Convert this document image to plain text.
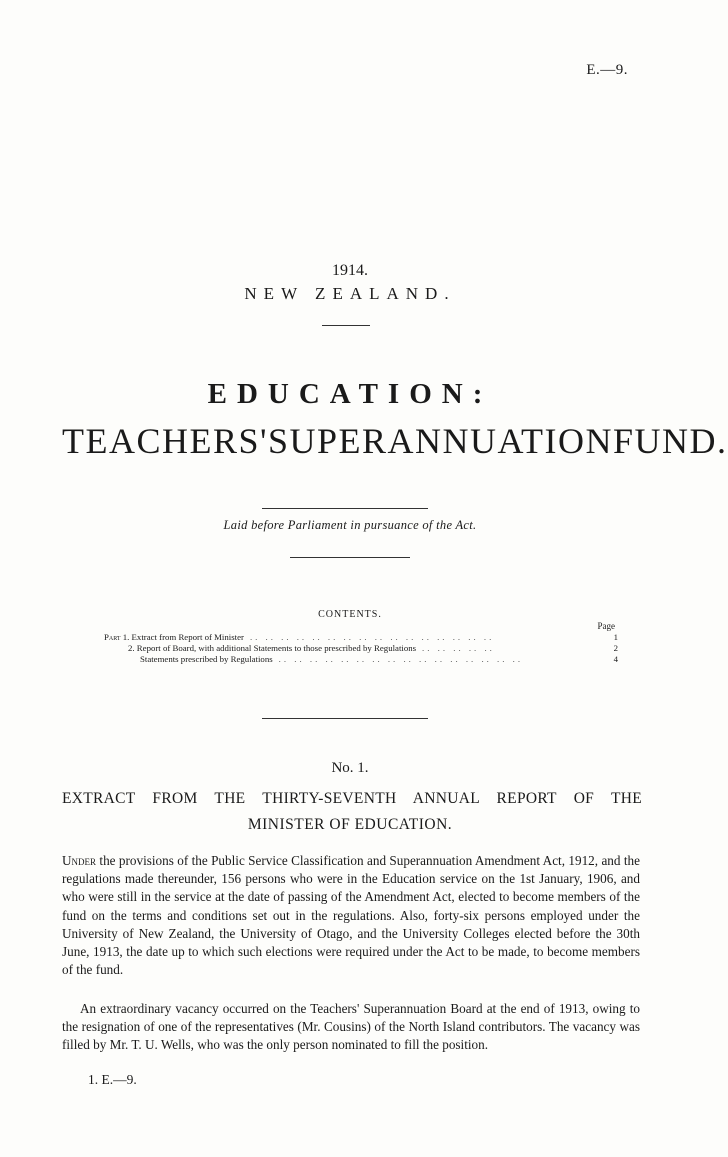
E.—9.
1914.
NEW ZEALAND.
EDUCATION:
TEACHERS' SUPERANNUATION FUND.
Laid before Parliament in pursuance of the Act.
CONTENTS.
Page
Part 1. Extract from Report of Minister .. .. .. .. .. .. .. .. .. .. .. .. .. .. .. ..	1
2. Report of Board, with additional Statements to those prescribed by Regulations .. .. .. .. ..	2
Statements prescribed by Regulations .. .. .. .. .. .. .. .. .. .. .. .. .. .. .. ..	4
No. 1.
EXTRACT FROM THE THIRTY-SEVENTH ANNUAL REPORT OF THE
MINISTER OF EDUCATION.

Under the provisions of the Public Service Classification and Superannuation Amendment Act, 1912, and the regulations made thereunder, 156 persons who were in the Education service on the 1st January, 1906, and who were still in the service at the date of passing of the Amendment Act, elected to become members of the fund on the terms and conditions set out in the regulations. Also, forty-six persons employed under the University of New Zealand, the University of Otago, and the University Colleges elected before the 30th June, 1913, the date up to which such elections were required under the Act to be made, to become members of the fund.

An extraordinary vacancy occurred on the Teachers' Superannuation Board at the end of 1913, owing to the resignation of one of the representatives (Mr. Cousins) of the North Island contributors. The vacancy was filled by Mr. T. U. Wells, who was the only person nominated to fill the position.

1. E.—9.
